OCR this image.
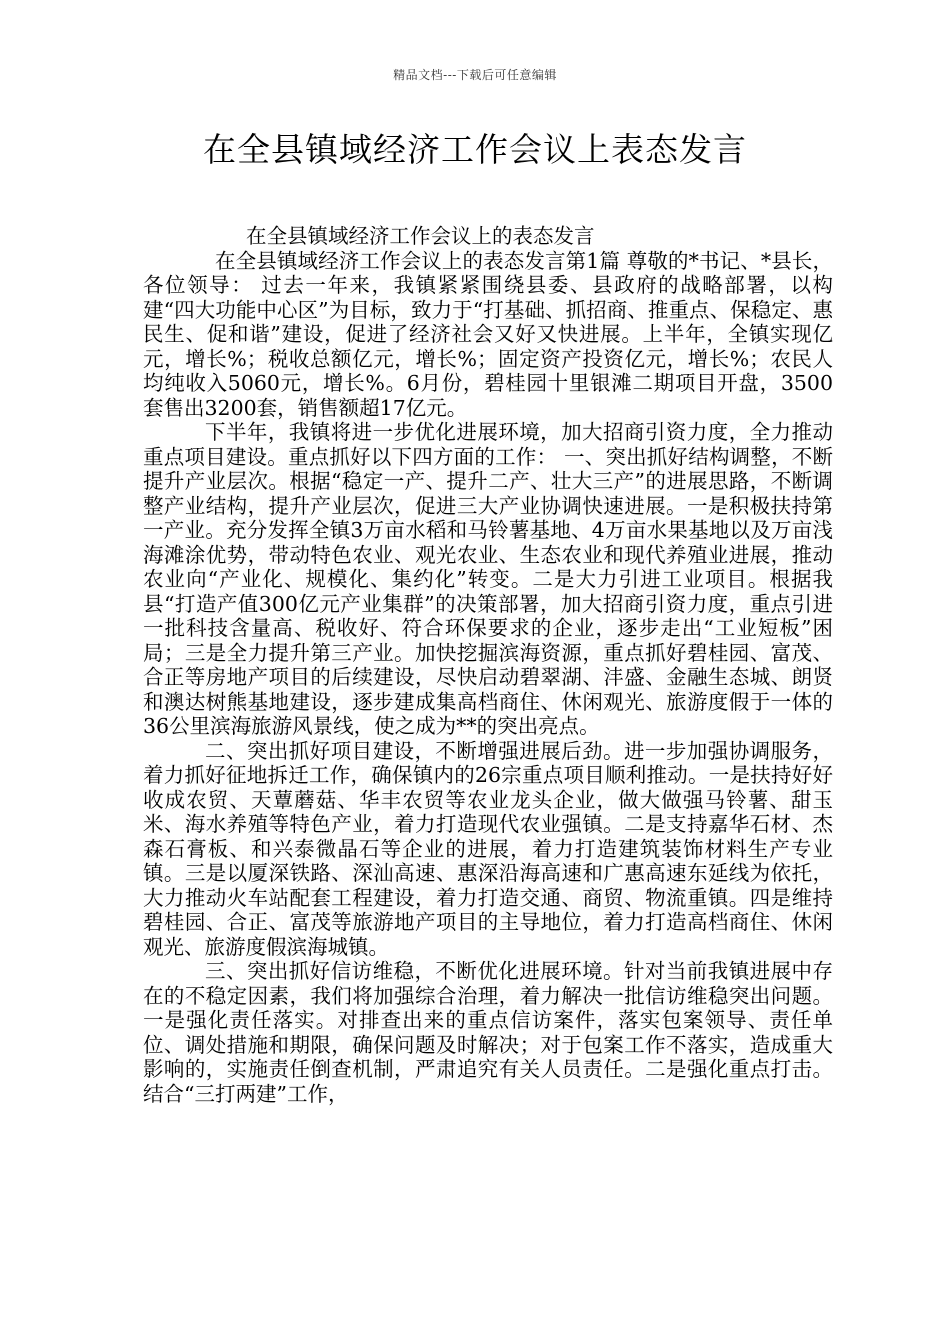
精品文档---下载后可任意编辑
在全县镇域经济工作会议上表态发言

在全县镇域经济工作会议上的表态发言

在全县镇域经济工作会议上的表态发言第1篇 尊敬的*书记、*县长，各位领导： 过去一年来，我镇紧紧围绕县委、县政府的战略部署，以构建“四大功能中心区”为目标，致力于“打基础、抓招商、推重点、保稳定、惠民生、促和谐”建设，促进了经济社会又好又快进展。上半年，全镇实现亿元，增长%；税收总额亿元，增长%；固定资产投资亿元，增长%；农民人均纯收入5060元，增长%。6月份，碧桂园十里银滩二期项目开盘，3500套售出3200套，销售额超17亿元。

下半年，我镇将进一步优化进展环境，加大招商引资力度，全力推动重点项目建设。重点抓好以下四方面的工作： 一、突出抓好结构调整，不断提升产业层次。根据“稳定一产、提升二产、壮大三产”的进展思路，不断调整产业结构，提升产业层次，促进三大产业协调快速进展。一是积极扶持第一产业。充分发挥全镇3万亩水稻和马铃薯基地、4万亩水果基地以及万亩浅海滩涂优势，带动特色农业、观光农业、生态农业和现代养殖业进展，推动农业向“产业化、规模化、集约化”转变。二是大力引进工业项目。根据我县“打造产值300亿元产业集群”的决策部署，加大招商引资力度，重点引进一批科技含量高、税收好、符合环保要求的企业，逐步走出“工业短板”困局；三是全力提升第三产业。加快挖掘滨海资源，重点抓好碧桂园、富茂、合正等房地产项目的后续建设，尽快启动碧翠湖、沣盛、金融生态城、朗贤和澳达树熊基地建设，逐步建成集高档商住、休闲观光、旅游度假于一体的36公里滨海旅游风景线，使之成为**的突出亮点。

二、突出抓好项目建设，不断增强进展后劲。进一步加强协调服务，着力抓好征地拆迁工作，确保镇内的26宗重点项目顺利推动。一是扶持好好收成农贸、天蕈蘑菇、华丰农贸等农业龙头企业，做大做强马铃薯、甜玉米、海水养殖等特色产业，着力打造现代农业强镇。二是支持嘉华石材、杰森石膏板、和兴泰微晶石等企业的进展，着力打造建筑装饰材料生产专业镇。三是以厦深铁路、深汕高速、惠深沿海高速和广惠高速东延线为依托，大力推动火车站配套工程建设，着力打造交通、商贸、物流重镇。四是维持碧桂园、合正、富茂等旅游地产项目的主导地位，着力打造高档商住、休闲观光、旅游度假滨海城镇。

三、突出抓好信访维稳，不断优化进展环境。针对当前我镇进展中存在的不稳定因素，我们将加强综合治理，着力解决一批信访维稳突出问题。一是强化责任落实。对排查出来的重点信访案件，落实包案领导、责任单位、调处措施和期限，确保问题及时解决；对于包案工作不落实，造成重大影响的，实施责任倒查机制，严肃追究有关人员责任。二是强化重点打击。结合“三打两建”工作，
